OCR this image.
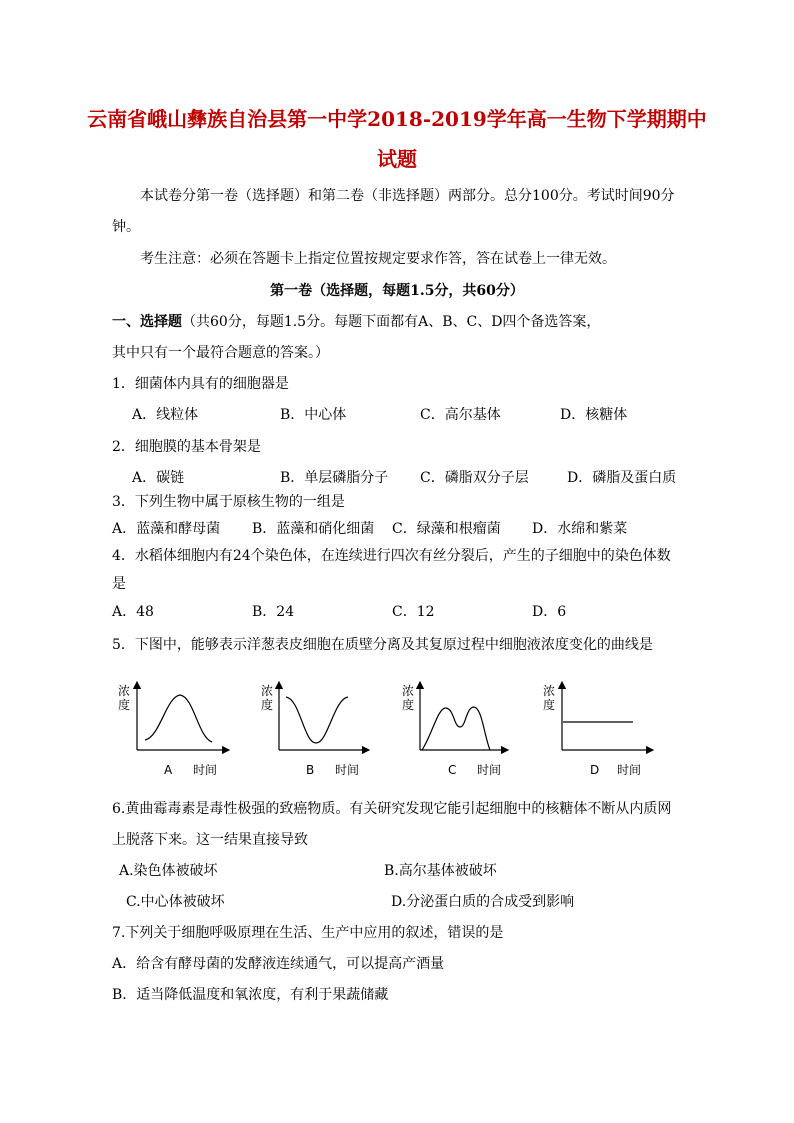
云南省峨山彝族自治县第一中学2018-2019学年高一生物下学期期中
试题
本试卷分第一卷（选择题）和第二卷（非选择题）两部分。总分100分。考试时间90分
钟。
考生注意：必须在答题卡上指定位置按规定要求作答，答在试卷上一律无效。
第一卷（选择题，每题1.5分，共60分）
一、选择题（共60分，每题1.5分。每题下面都有A、B、C、D四个备选答案，
其中只有一个最符合题意的答案。）
1．细菌体内具有的细胞器是
A．线粒体	B．中心体	C．高尔基体	D．核糖体
2．细胞膜的基本骨架是
A．碳链	B．单层磷脂分子 C．磷脂双分子层	D．磷脂及蛋白质
3．下列生物中属于原核生物的一组是
A．蓝藻和酵母菌 B．蓝藻和硝化细菌 C．绿藻和根瘤菌 D．水绵和紫菜
4．水稻体细胞内有24个染色体，在连续进行四次有丝分裂后，产生的子细胞中的染色体数
是
A．48	B．24	C．12	D．6
5．下图中，能够表示洋葱表皮细胞在质壁分离及其复原过程中细胞液浓度变化的曲线是
浓
度
A 时间
浓
度
B 时间
浓
度
C 时间
浓
度
D 时间
6.黄曲霉毒素是毒性极强的致癌物质。有关研究发现它能引起细胞中的核糖体不断从内质网
上脱落下来。这一结果直接导致
A.染色体被破坏	B.高尔基体被破坏
C.中心体被破坏	D.分泌蛋白质的合成受到影响
7.下列关于细胞呼吸原理在生活、生产中应用的叙述，错误的是
A．给含有酵母菌的发酵液连续通气，可以提高产酒量
B．适当降低温度和氧浓度，有利于果蔬储藏
